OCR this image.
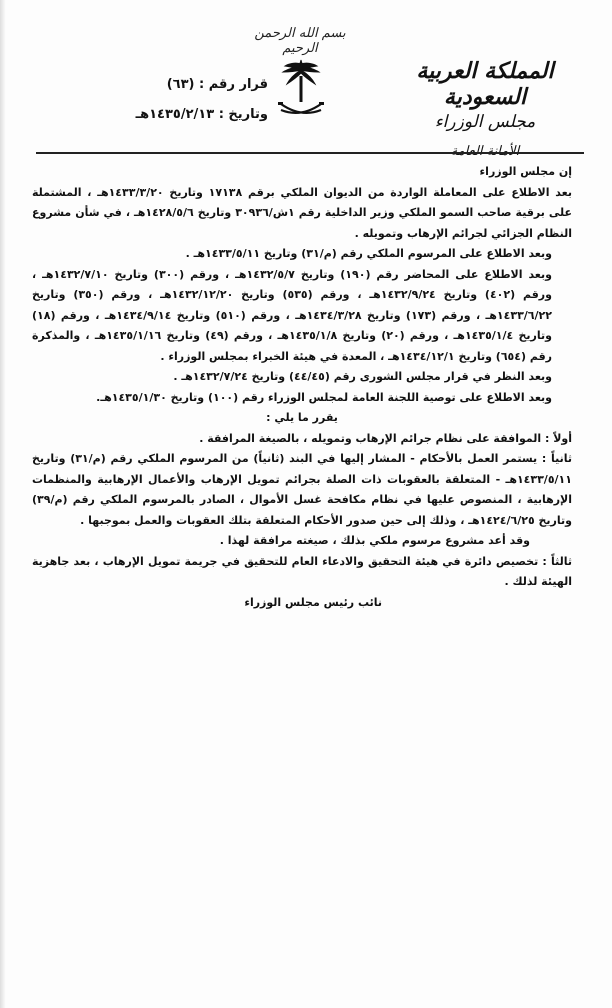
بسم الله الرحمن الرحيم
المملكة العربية السعودية
مجلس الوزراء
قرار رقم : (٦٣)
وتاريخ : ١٤٣٥/٢/١٣هـ

إن مجلس الوزراء

بعد الاطلاع على المعاملة الواردة من الديوان الملكي برقم ١٧١٣٨ وتاريخ ١٤٣٣/٣/٢٠هـ ، المشتملة على برقية صاحب السمو الملكي وزير الداخلية رقم ١ش/٣٠٩٣٦ وتاريخ ١٤٢٨/٥/٦هـ ، في شأن مشروع النظام الجزائي لجرائم الإرهاب وتمويله .

وبعد الاطلاع على المرسوم الملكي رقم (م/٣١) وتاريخ ١٤٣٣/٥/١١هـ .

وبعد الاطلاع على المحاضر رقم (١٩٠) وتاريخ ١٤٣٢/٥/٧هـ ، ورقم (٣٠٠) وتاريخ ١٤٣٢/٧/١٠هـ ، ورقم (٤٠٢) وتاريخ ١٤٣٢/٩/٢٤هـ ، ورقم (٥٣٥) وتاريخ ١٤٣٢/١٢/٢٠هـ ، ورقم (٣٥٠) وتاريخ ١٤٣٣/٦/٢٢هـ ، ورقم (١٧٣) وتاريخ ١٤٣٤/٣/٢٨هـ ، ورقم (٥١٠) وتاريخ ١٤٣٤/٩/١٤هـ ، ورقم (١٨) وتاريخ ١٤٣٥/١/٤هـ ، ورقم (٢٠) وتاريخ ١٤٣٥/١/٨هـ ، ورقم (٤٩) وتاريخ ١٤٣٥/١/١٦هـ ، والمذكرة رقم (٦٥٤) وتاريخ ١٤٣٤/١٢/١هـ ، المعدة في هيئة الخبراء بمجلس الوزراء .

وبعد النظر في قرار مجلس الشورى رقم (٤٤/٤٥) وتاريخ ١٤٣٢/٧/٢٤هـ .

وبعد الاطلاع على توصية اللجنة العامة لمجلس الوزراء رقم (١٠٠) وتاريخ ١٤٣٥/١/٣٠هـ.

يقرر ما يلي :

أولاً : الموافقة على نظام جرائم الإرهاب وتمويله ، بالصيغة المرافقة .

ثانياً : يستمر العمل بالأحكام - المشار إليها في البند (ثانياً) من المرسوم الملكي رقم (م/٣١) وتاريخ ١٤٣٣/٥/١١هـ - المتعلقة بالعقوبات ذات الصلة بجرائم تمويل الإرهاب والأعمال الإرهابية والمنظمات الإرهابية ، المنصوص عليها في نظام مكافحة غسل الأموال ، الصادر بالمرسوم الملكي رقم (م/٣٩) وتاريخ ١٤٢٤/٦/٢٥هـ ، وذلك إلى حين صدور الأحكام المتعلقة بتلك العقوبات والعمل بموجبها .

وقد أعد مشروع مرسوم ملكي بذلك ، صيغته مرافقة لهذا .

ثالثاً : تخصيص دائرة في هيئة التحقيق والادعاء العام للتحقيق في جريمة تمويل الإرهاب ، بعد جاهزية الهيئة لذلك .

نائب رئيس مجلس الوزراء
